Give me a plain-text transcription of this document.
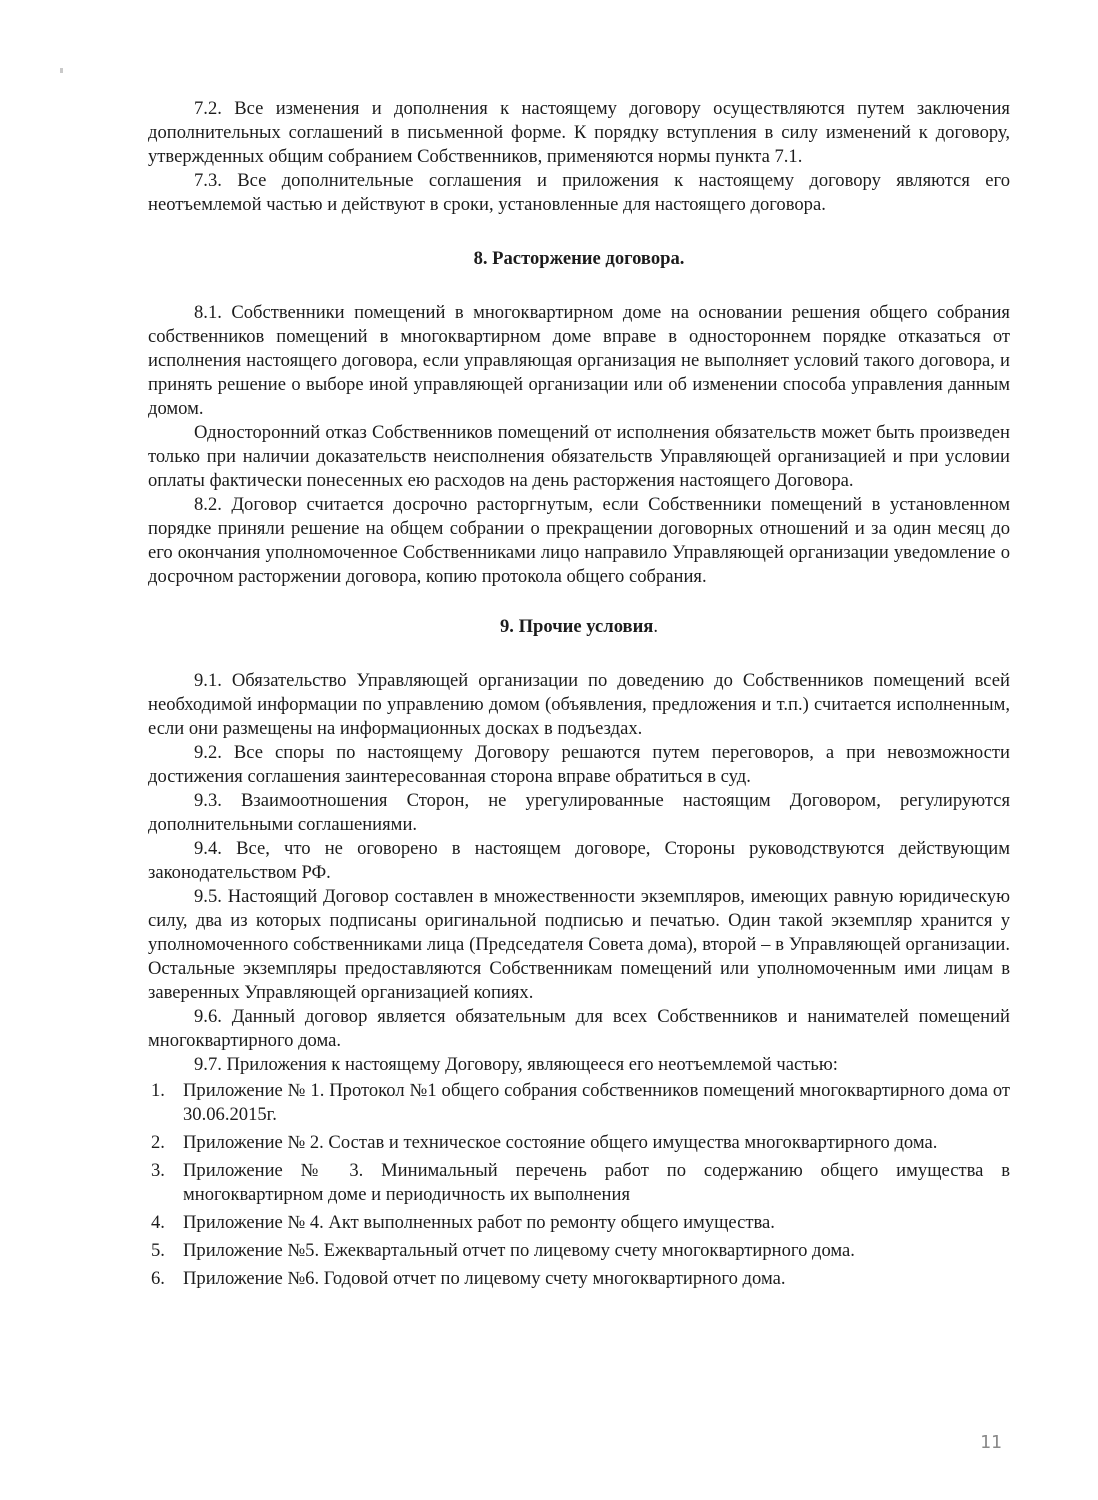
7.2. Все изменения и дополнения к настоящему договору осуществляются путем заключения дополнительных соглашений в письменной форме. К порядку вступления в силу изменений к договору, утвержденных общим собранием Собственников, применяются нормы пункта 7.1.

7.3. Все дополнительные соглашения и приложения к настоящему договору являются его неотъемлемой частью и действуют в сроки, установленные для настоящего договора.

8. Расторжение договора.

8.1. Собственники помещений в многоквартирном доме на основании решения общего собрания собственников помещений в многоквартирном доме вправе в одностороннем порядке отказаться от исполнения настоящего договора, если управляющая организация не выполняет условий такого договора, и принять решение о выборе иной управляющей организации или об изменении способа управления данным домом.

Односторонний отказ Собственников помещений от исполнения обязательств может быть произведен только при наличии доказательств неисполнения обязательств Управляющей организацией и при условии оплаты фактически понесенных ею расходов на день расторжения настоящего Договора.

8.2. Договор считается досрочно расторгнутым, если Собственники помещений в установленном порядке приняли решение на общем собрании о прекращении договорных отношений и за один месяц до его окончания уполномоченное Собственниками лицо направило Управляющей организации уведомление о досрочном расторжении договора, копию протокола общего собрания.

9. Прочие условия.

9.1. Обязательство Управляющей организации по доведению до Собственников помещений всей необходимой информации по управлению домом (объявления, предложения и т.п.) считается исполненным, если они размещены на информационных досках в подъездах.

9.2. Все споры по настоящему Договору решаются путем переговоров, а при невозможности достижения соглашения заинтересованная сторона вправе обратиться в суд.

9.3. Взаимоотношения Сторон, не урегулированные настоящим Договором, регулируются дополнительными соглашениями.

9.4. Все, что не оговорено в настоящем договоре, Стороны руководствуются действующим законодательством РФ.

9.5. Настоящий Договор составлен в множественности экземпляров, имеющих равную юридическую силу, два из которых подписаны оригинальной подписью и печатью. Один такой экземпляр хранится у уполномоченного собственниками лица (Председателя Совета дома), второй – в Управляющей организации. Остальные экземпляры предоставляются Собственникам помещений или уполномоченным ими лицам в заверенных Управляющей организацией копиях.

9.6. Данный договор является обязательным для всех Собственников и нанимателей помещений многоквартирного дома.

9.7. Приложения к настоящему Договору, являющееся его неотъемлемой частью:

1. Приложение № 1. Протокол №1 общего собрания собственников помещений многоквартирного дома от 30.06.2015г.
2. Приложение № 2. Состав и техническое состояние общего имущества многоквартирного дома.
3. Приложение № 3. Минимальный перечень работ по содержанию общего имущества в многоквартирном доме и периодичность их выполнения
4. Приложение № 4. Акт выполненных работ по ремонту общего имущества.
5. Приложение №5. Ежеквартальный отчет по лицевому счету многоквартирного дома.
6. Приложение №6. Годовой отчет по лицевому счету многоквартирного дома.
11
